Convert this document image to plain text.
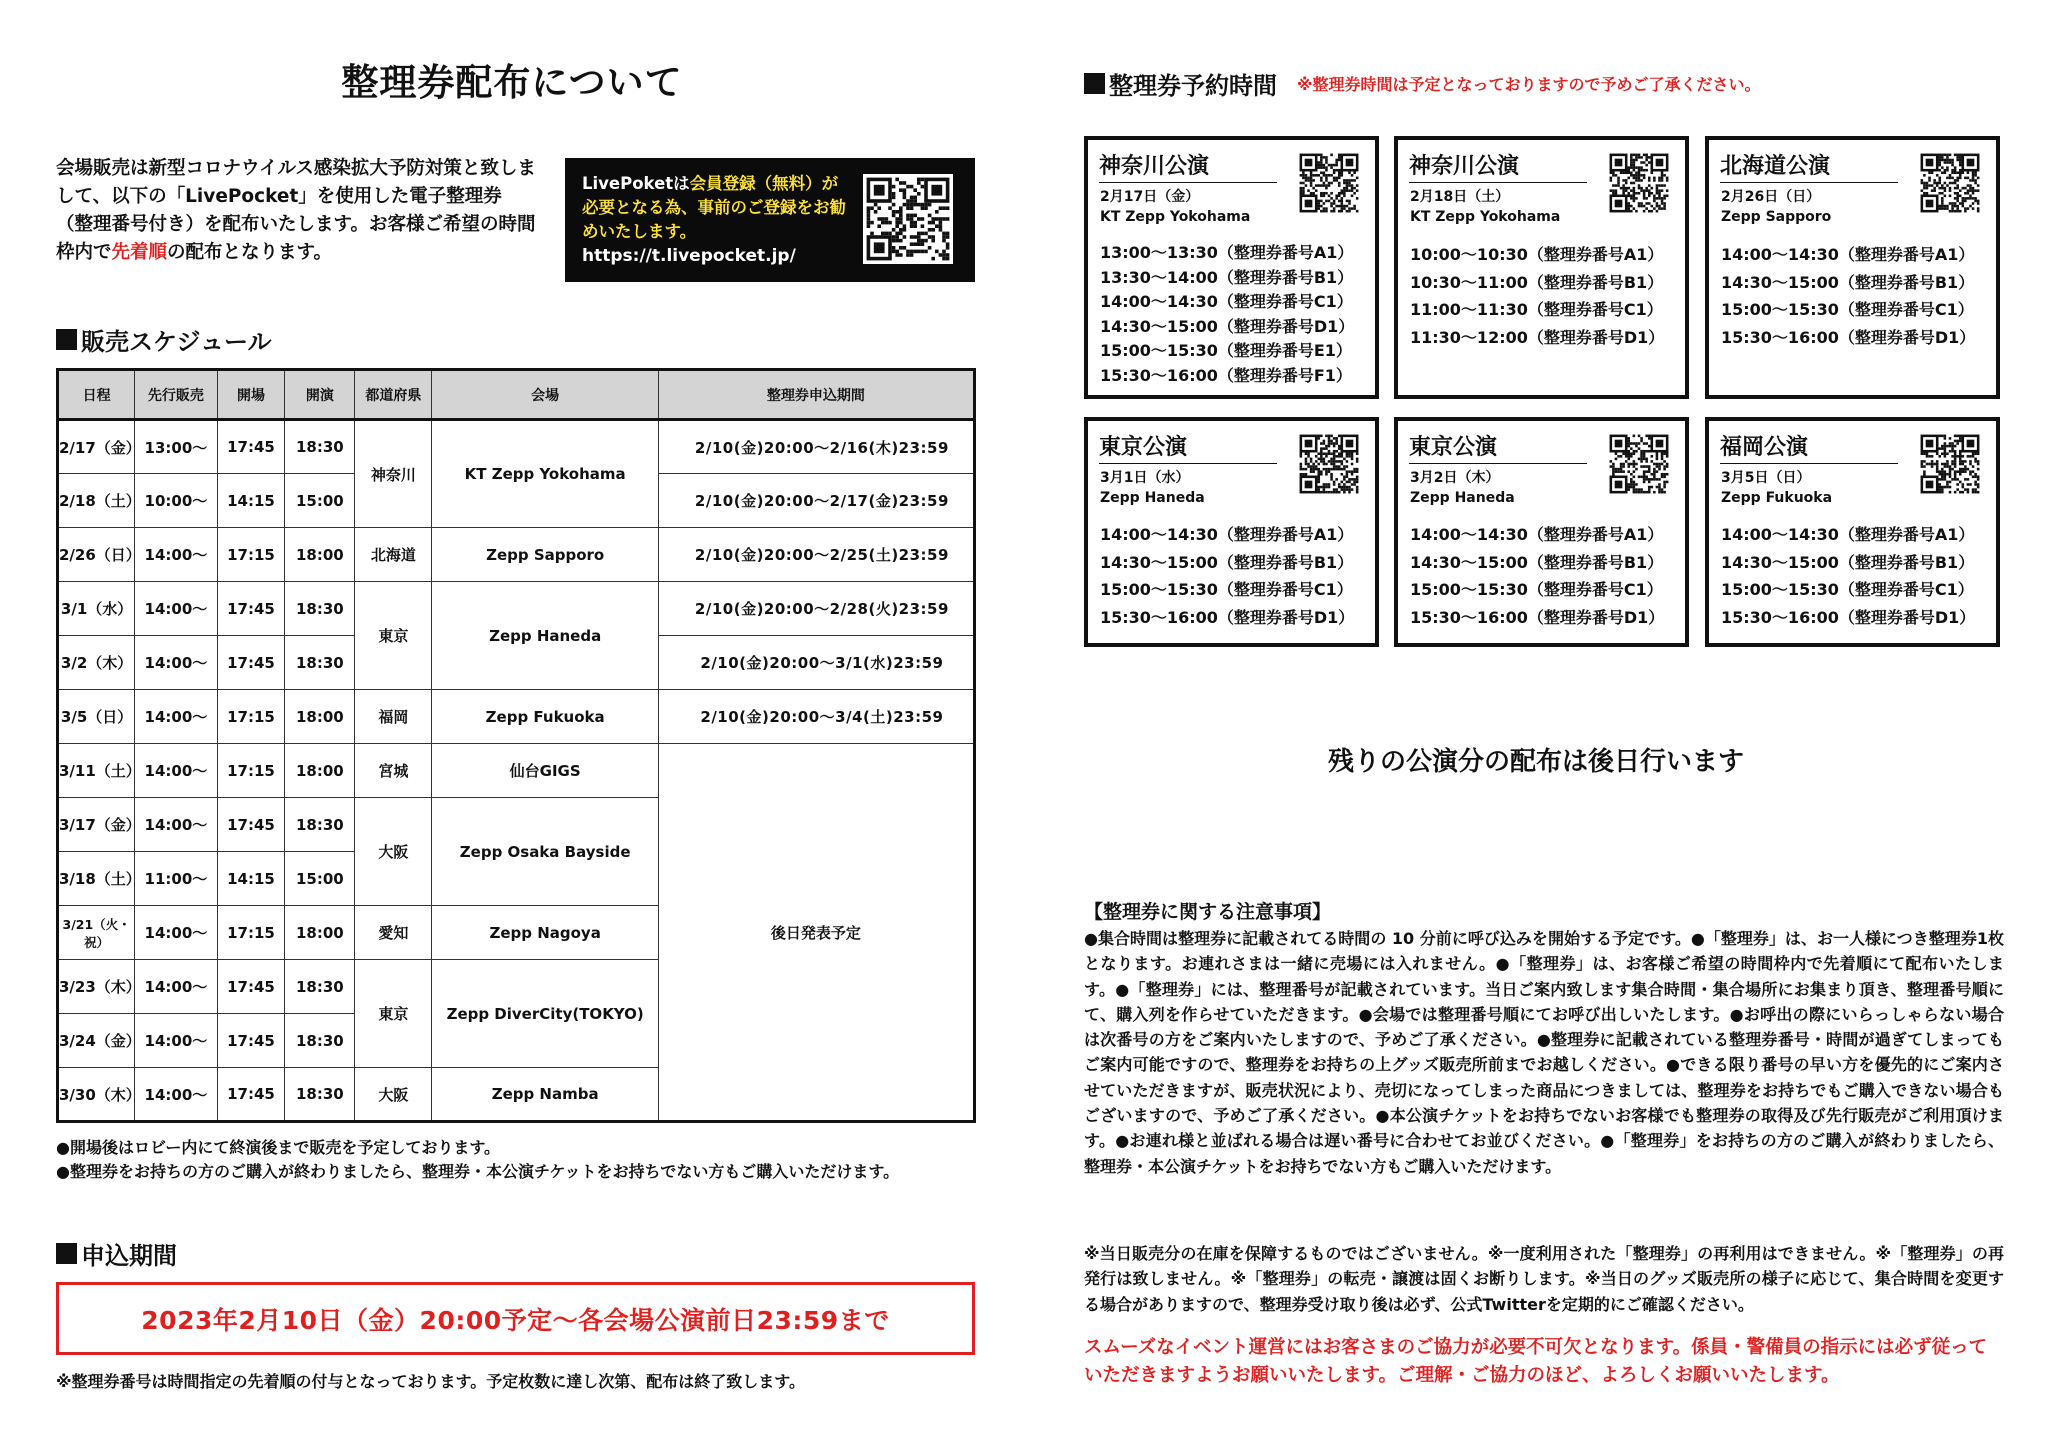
整理券配布について
会場販売は新型コロナウイルス感染拡大予防対策と致しまして、以下の「LivePocket」を使用した電子整理券（整理番号付き）を配布いたします。お客様ご希望の時間枠内で先着順の配布となります。
LivePoketは会員登録（無料）が必要となる為、事前のご登録をお勧めいたします。
https://t.livepocket.jp/
販売スケジュール
日程	先行販売	開場	開演	都道府県	会場	整理券申込期間
2/17（金）	13:00〜	17:45	18:30	神奈川	KT Zepp Yokohama	2/10(金)20:00～2/16(木)23:59
2/18（土）	10:00〜	14:15	15:00			2/10(金)20:00～2/17(金)23:59
2/26（日）	14:00〜	17:15	18:00	北海道	Zepp Sapporo	2/10(金)20:00～2/25(土)23:59
3/1（水）	14:00〜	17:45	18:30	東京	Zepp Haneda	2/10(金)20:00～2/28(火)23:59
3/2（木）	14:00〜	17:45	18:30			2/10(金)20:00～3/1(水)23:59
3/5（日）	14:00〜	17:15	18:00	福岡	Zepp Fukuoka	2/10(金)20:00～3/4(土)23:59
3/11（土）	14:00〜	17:15	18:00	宮城	仙台GIGS	後日発表予定
3/17（金）	14:00〜	17:45	18:30	大阪	Zepp Osaka Bayside	
3/18（土）	11:00〜	14:15	15:00			
3/21（火・祝）	14:00〜	17:15	18:00	愛知	Zepp Nagoya	
3/23（木）	14:00〜	17:45	18:30	東京	Zepp DiverCity(TOKYO)	
3/24（金）	14:00〜	17:45	18:30			
3/30（木）	14:00〜	17:45	18:30	大阪	Zepp Namba	
●開場後はロビー内にて終演後まで販売を予定しております。
●整理券をお持ちの方のご購入が終わりましたら、整理券・本公演チケットをお持ちでない方もご購入いただけます。
申込期間
2023年2月10日（金）20:00予定～各会場公演前日23:59まで
※整理券番号は時間指定の先着順の付与となっております。予定枚数に達し次第、配布は終了致します。
整理券予約時間 ※整理券時間は予定となっておりますので予めご了承ください。
神奈川公演
2月17日（金）
KT Zepp Yokohama
13:00～13:30（整理券番号A1）
13:30～14:00（整理券番号B1）
14:00～14:30（整理券番号C1）
14:30～15:00（整理券番号D1）
15:00～15:30（整理券番号E1）
15:30～16:00（整理券番号F1）
神奈川公演
2月18日（土）
KT Zepp Yokohama
10:00～10:30（整理券番号A1）
10:30～11:00（整理券番号B1）
11:00～11:30（整理券番号C1）
11:30～12:00（整理券番号D1）
北海道公演
2月26日（日）
Zepp Sapporo
14:00～14:30（整理券番号A1）
14:30～15:00（整理券番号B1）
15:00～15:30（整理券番号C1）
15:30～16:00（整理券番号D1）
東京公演
3月1日（水）
Zepp Haneda
14:00～14:30（整理券番号A1）
14:30～15:00（整理券番号B1）
15:00～15:30（整理券番号C1）
15:30～16:00（整理券番号D1）
東京公演
3月2日（木）
Zepp Haneda
14:00～14:30（整理券番号A1）
14:30～15:00（整理券番号B1）
15:00～15:30（整理券番号C1）
15:30～16:00（整理券番号D1）
福岡公演
3月5日（日）
Zepp Fukuoka
14:00～14:30（整理券番号A1）
14:30～15:00（整理券番号B1）
15:00～15:30（整理券番号C1）
15:30～16:00（整理券番号D1）
残りの公演分の配布は後日行います
【整理券に関する注意事項】
●集合時間は整理券に記載されてる時間の 10 分前に呼び込みを開始する予定です。●「整理券」は、お一人様につき整理券1枚となります。お連れさまは一緒に売場には入れません。●「整理券」は、お客様ご希望の時間枠内で先着順にて配布いたします。●「整理券」には、整理番号が記載されています。当日ご案内致します集合時間・集合場所にお集まり頂き、整理番号順にて、購入列を作らせていただきます。●会場では整理番号順にてお呼び出しいたします。●お呼出の際にいらっしゃらない場合は次番号の方をご案内いたしますので、予めご了承ください。●整理券に記載されている整理券番号・時間が過ぎてしまってもご案内可能ですので、整理券をお持ちの上グッズ販売所前までお越しください。●できる限り番号の早い方を優先的にご案内させていただきますが、販売状況により、売切になってしまった商品につきましては、整理券をお持ちでもご購入できない場合もございますので、予めご了承ください。●本公演チケットをお持ちでないお客様でも整理券の取得及び先行販売がご利用頂けます。●お連れ様と並ばれる場合は遅い番号に合わせてお並びください。●「整理券」をお持ちの方のご購入が終わりましたら、整理券・本公演チケットをお持ちでない方もご購入いただけます。
※当日販売分の在庫を保障するものではございません。※一度利用された「整理券」の再利用はできません。※「整理券」の再発行は致しません。※「整理券」の転売・譲渡は固くお断りします。※当日のグッズ販売所の様子に応じて、集合時間を変更する場合がありますので、整理券受け取り後は必ず、公式Twitterを定期的にご確認ください。
スムーズなイベント運営にはお客さまのご協力が必要不可欠となります。係員・警備員の指示には必ず従っていただきますようお願いいたします。ご理解・ご協力のほど、よろしくお願いいたします。
